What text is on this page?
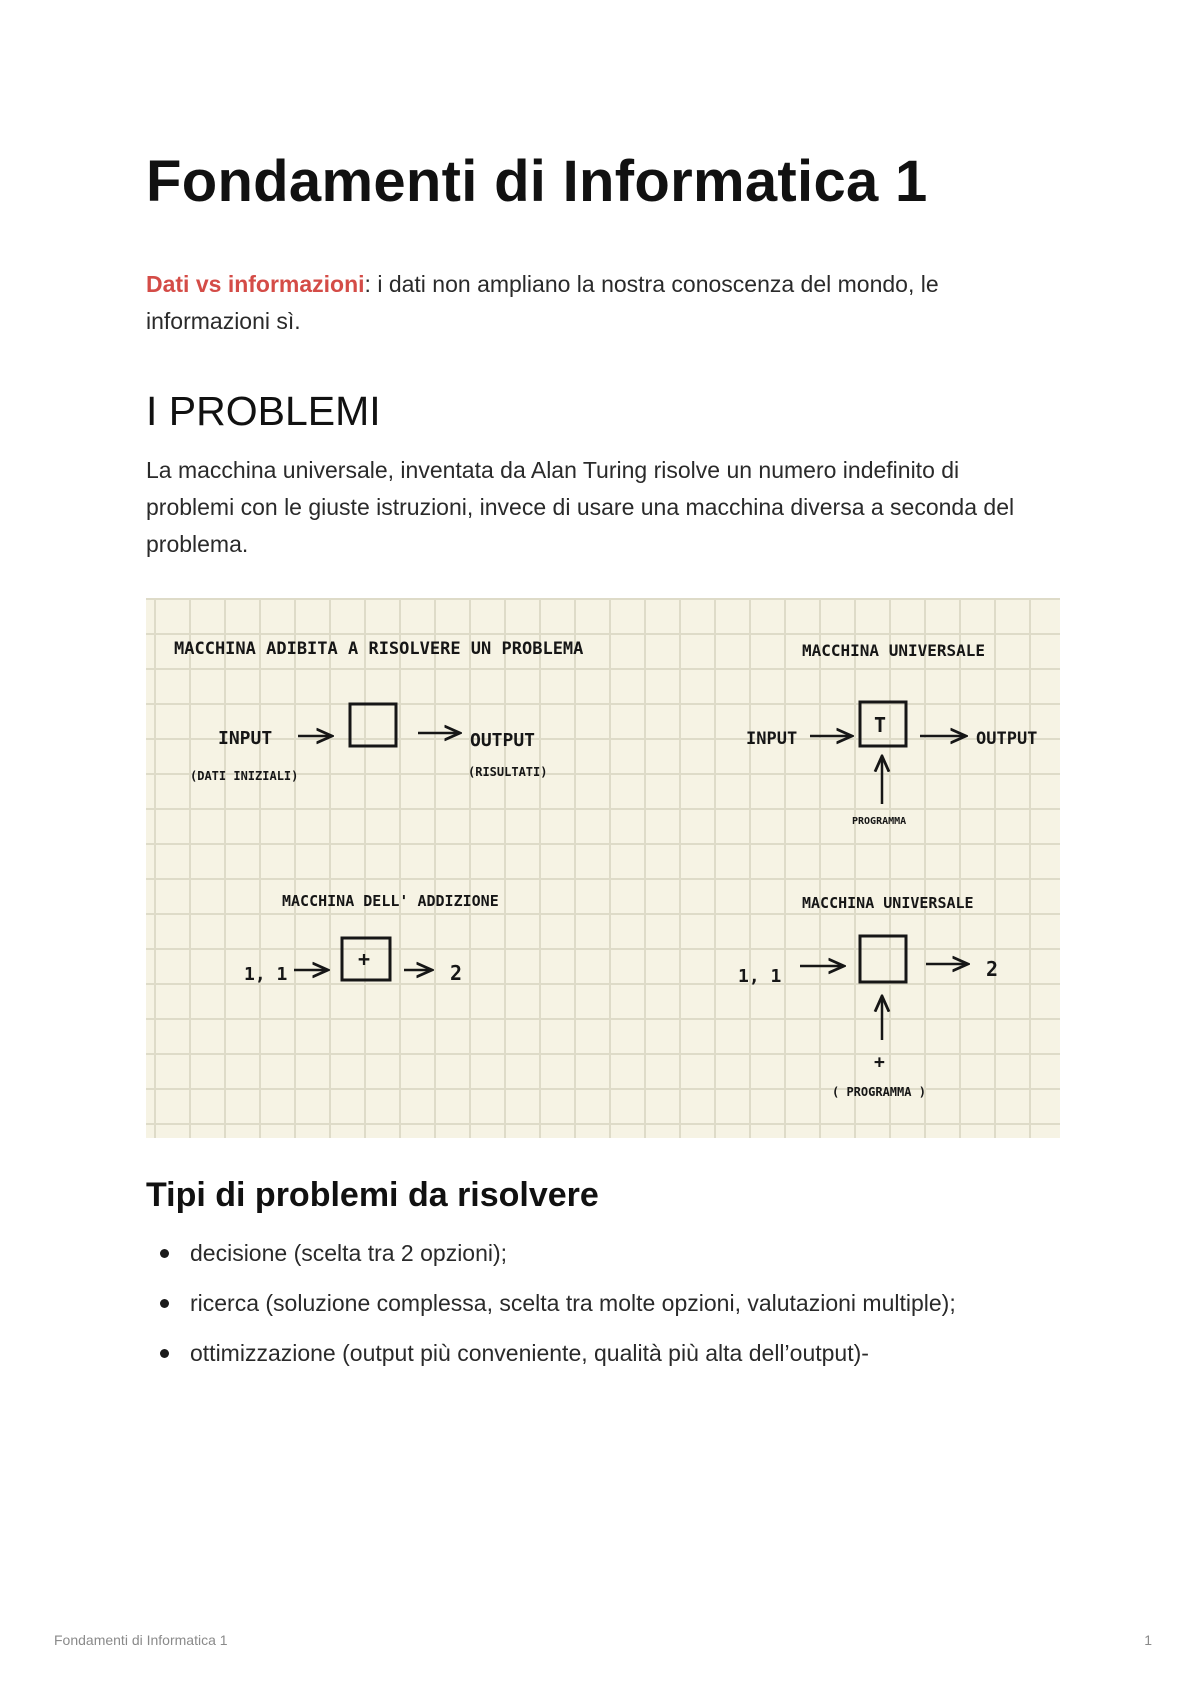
Fondamenti di Informatica 1

Dati vs informazioni: i dati non ampliano la nostra conoscenza del mondo, le informazioni sì.

I PROBLEMI

La macchina universale, inventata da Alan Turing risolve un numero indefinito di problemi con le giuste istruzioni, invece di usare una macchina diversa a seconda del problema.

MACCHINA ADIBITA A RISOLVERE UN PROBLEMA
INPUT	OUTPUT
(DATI INIZIALI)	(RISULTATI)
MACCHINA UNIVERSALE
INPUT
T
OUTPUT
PROGRAMMA
MACCHINA DELL' ADDIZIONE
1, 1
+
2
MACCHINA UNIVERSALE
1, 1	2
+
( PROGRAMMA )
Tipi di problemi da risolvere
decisione (scelta tra 2 opzioni);
ricerca (soluzione complessa, scelta tra molte opzioni, valutazioni multiple);
ottimizzazione (output più conveniente, qualità più alta dell’output)-
Fondamenti di Informatica 1	1
